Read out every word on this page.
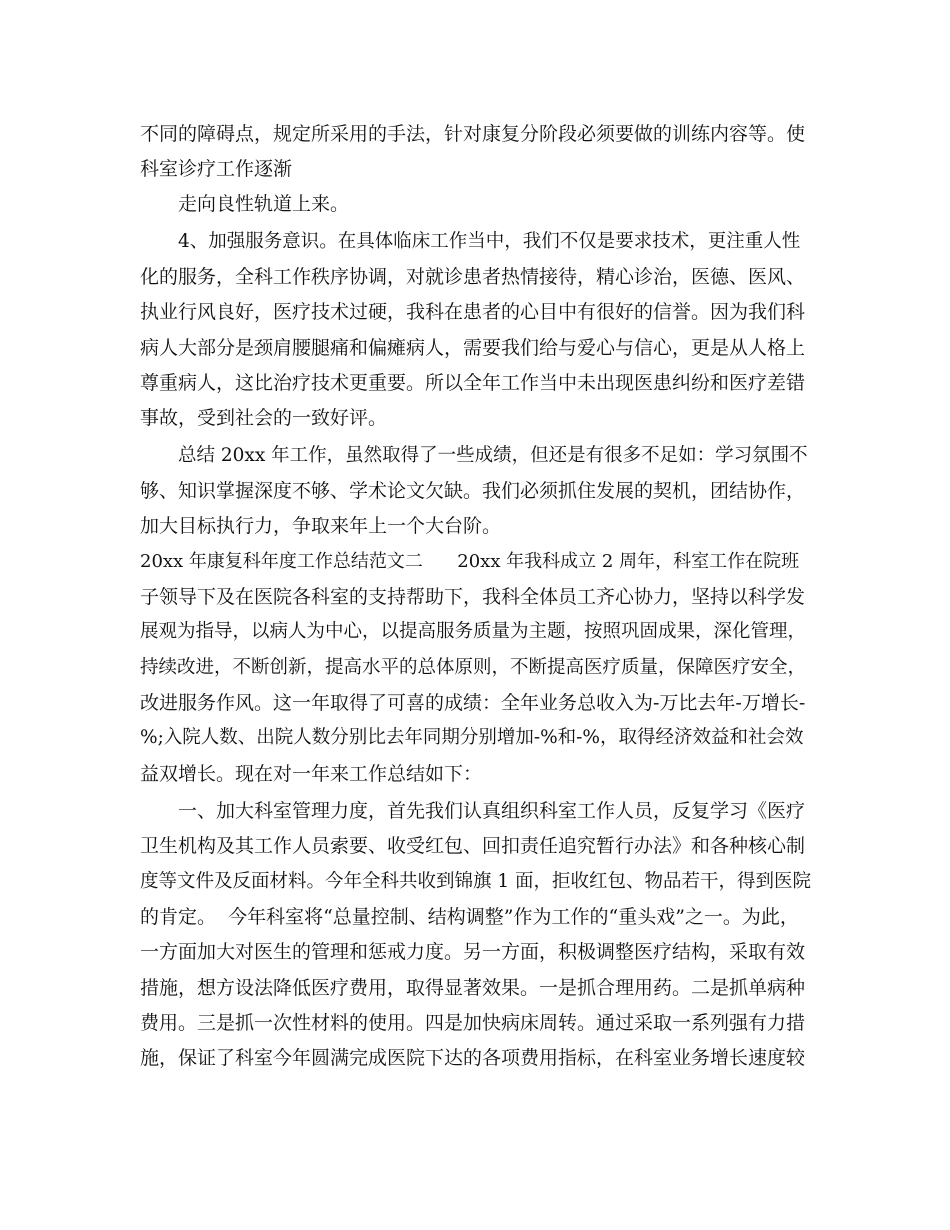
不同的障碍点，规定所采用的手法，针对康复分阶段必须要做的训练内容等。使
科室诊疗工作逐渐
走向良性轨道上来。
4、加强服务意识。在具体临床工作当中，我们不仅是要求技术，更注重人性
化的服务，全科工作秩序协调，对就诊患者热情接待，精心诊治，医德、医风、
执业行风良好，医疗技术过硬，我科在患者的心目中有很好的信誉。因为我们科
病人大部分是颈肩腰腿痛和偏瘫病人，需要我们给与爱心与信心，更是从人格上
尊重病人，这比治疗技术更重要。所以全年工作当中未出现医患纠纷和医疗差错
事故，受到社会的一致好评。
总结 20xx 年工作，虽然取得了一些成绩，但还是有很多不足如：学习氛围不
够、知识掌握深度不够、学术论文欠缺。我们必须抓住发展的契机，团结协作，
加大目标执行力，争取来年上一个大台阶。
20xx 年康复科年度工作总结范文二      20xx 年我科成立 2 周年，科室工作在院班
子领导下及在医院各科室的支持帮助下，我科全体员工齐心协力，坚持以科学发
展观为指导，以病人为中心，以提高服务质量为主题，按照巩固成果，深化管理，
持续改进，不断创新，提高水平的总体原则，不断提高医疗质量，保障医疗安全，
改进服务作风。这一年取得了可喜的成绩：全年业务总收入为-万比去年-万增长-
%;入院人数、出院人数分别比去年同期分别增加-%和-%，取得经济效益和社会效
益双增长。现在对一年来工作总结如下：
一、加大科室管理力度，首先我们认真组织科室工作人员，反复学习《医疗
卫生机构及其工作人员索要、收受红包、回扣责任追究暂行办法》和各种核心制
度等文件及反面材料。今年全科共收到锦旗 1 面，拒收红包、物品若干，得到医院
的肯定。  今年科室将“总量控制、结构调整”作为工作的“重头戏”之一。为此，
一方面加大对医生的管理和惩戒力度。另一方面，积极调整医疗结构，采取有效
措施，想方设法降低医疗费用，取得显著效果。一是抓合理用药。二是抓单病种
费用。三是抓一次性材料的使用。四是加快病床周转。通过采取一系列强有力措
施，保证了科室今年圆满完成医院下达的各项费用指标，在科室业务增长速度较
